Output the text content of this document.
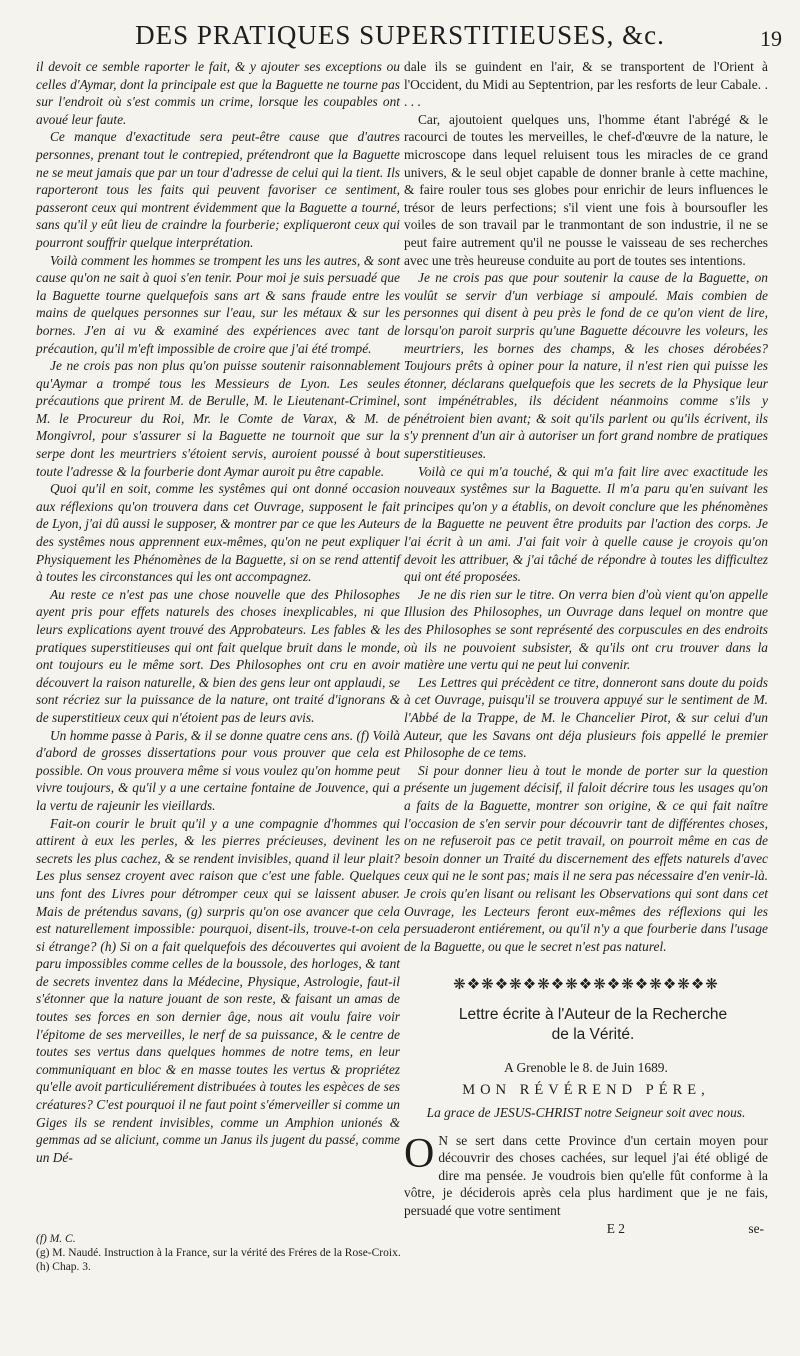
DES PRATIQUES SUPERSTITIEUSES, &c.	19

il devoit ce semble raporter le fait, & y ajouter ses exceptions ou celles d'Aymar, dont la principale est que la Baguette ne tourne pas sur l'endroit où s'est commis un crime, lorsque les coupables ont avoué leur faute.

Ce manque d'exactitude sera peut-être cause que d'autres personnes, prenant tout le contrepied, prétendront que la Baguette ne se meut jamais que par un tour d'adresse de celui qui la tient. Ils raporteront tous les faits qui peuvent favoriser ce sentiment, passeront ceux qui montrent évidemment que la Baguette a tourné, sans qu'il y eût lieu de craindre la fourberie; expliqueront ceux qui pourront souffrir quelque interprétation.

Voilà comment les hommes se trompent les uns les autres, & sont cause qu'on ne sait à quoi s'en tenir. Pour moi je suis persuadé que la Baguette tourne quelquefois sans art & sans fraude entre les mains de quelques personnes sur l'eau, sur les métaux & sur les bornes. J'en ai vu & examiné des expériences avec tant de précaution, qu'il m'eft impossible de croire que j'ai été trompé.

Je ne crois pas non plus qu'on puisse soutenir raisonnablement qu'Aymar a trompé tous les Messieurs de Lyon. Les seules précautions que prirent M. de Berulle, M. le Lieutenant-Criminel, M. le Procureur du Roi, Mr. le Comte de Varax, & M. de Mongivrol, pour s'assurer si la Baguette ne tournoit que sur la serpe dont les meurtriers s'étoient servis, auroient poussé à bout toute l'adresse & la fourberie dont Aymar auroit pu être capable.

Quoi qu'il en soit, comme les systêmes qui ont donné occasion aux réflexions qu'on trouvera dans cet Ouvrage, supposent le fait de Lyon, j'ai dû aussi le supposer, & montrer par ce que les Auteurs des systêmes nous apprennent eux-mêmes, qu'on ne peut expliquer Physiquement les Phénomènes de la Baguette, si on se rend attentif à toutes les circonstances qui les ont accompagnez.

Au reste ce n'est pas une chose nouvelle que des Philosophes ayent pris pour effets naturels des choses inexplicables, ni que leurs explications ayent trouvé des Approbateurs. Les fables & les pratiques superstitieuses qui ont fait quelque bruit dans le monde, ont toujours eu le même sort. Des Philosophes ont cru en avoir découvert la raison naturelle, & bien des gens leur ont applaudi, se sont récriez sur la puissance de la nature, ont traité d'ignorans & de superstitieux ceux qui n'étoient pas de leurs avis.

Un homme passe à Paris, & il se donne quatre cens ans. (f) Voilà d'abord de grosses dissertations pour vous prouver que cela est possible. On vous prouvera même si vous voulez qu'on homme peut vivre toujours, & qu'il y a une certaine fontaine de Jouvence, qui a la vertu de rajeunir les vieillards.

Fait-on courir le bruit qu'il y a une compagnie d'hommes qui attirent à eux les perles, & les pierres précieuses, devinent les secrets les plus cachez, & se rendent invisibles, quand il leur plait? Les plus sensez croyent avec raison que c'est une fable. Quelques uns font des Livres pour détromper ceux qui se laissent abuser. Mais de prétendus savans, (g) surpris qu'on ose avancer que cela est naturellement impossible: pourquoi, disent-ils, trouve-t-on cela si étrange? (h) Si on a fait quelquefois des découvertes qui avoient paru impossibles comme celles de la boussole, des horloges, & tant de secrets inventez dans la Médecine, Physique, Astrologie, faut-il s'étonner que la nature jouant de son reste, & faisant un amas de toutes ses forces en son dernier âge, nous ait voulu faire voir l'épitome de ses merveilles, le nerf de sa puissance, & le centre de toutes ses vertus dans quelques hommes de notre tems, en leur communiquant en bloc & en masse toutes les vertus & propriétez qu'elle avoit particuliérement distribuées à toutes les espèces de ses créatures? C'est pourquoi il ne faut point s'émerveiller si comme un Giges ils se rendent invisibles, comme un Amphion unionés & gemmas ad se aliciunt, comme un Janus ils jugent du passé, comme un Dé-

(f) M. C.
(g) M. Naudé. Instruction à la France, sur la vérité des Fréres de la Rose-Croix.
(h) Chap. 3.

dale ils se guindent en l'air, & se transportent de l'Orient à l'Occident, du Midi au Septentrion, par les resforts de leur Cabale. . . . .

Car, ajoutoient quelques uns, l'homme étant l'abrégé & le racourci de toutes les merveilles, le chef-d'œuvre de la nature, le microscope dans lequel reluisent tous les miracles de ce grand univers, & le seul objet capable de donner branle à cette machine, & faire rouler tous ses globes pour enrichir de leurs influences le trésor de leurs perfections; s'il vient une fois à boursoufler les voiles de son travail par le tranmontant de son industrie, il ne se peut faire autrement qu'il ne pousse le vaisseau de ses recherches avec une très heureuse conduite au port de toutes ses intentions.

Je ne crois pas que pour soutenir la cause de la Baguette, on voulût se servir d'un verbiage si ampoulé. Mais combien de personnes qui disent à peu près le fond de ce qu'on vient de lire, lorsqu'on paroit surpris qu'une Baguette découvre les voleurs, les meurtriers, les bornes des champs, & les choses dérobées? Toujours prêts à opiner pour la nature, il n'est rien qui puisse les étonner, déclarans quelquefois que les secrets de la Physique leur sont impénétrables, ils décident néanmoins comme s'ils y pénétroient bien avant; & soit qu'ils parlent ou qu'ils écrivent, ils s'y prennent d'un air à autoriser un fort grand nombre de pratiques superstitieuses.

Voilà ce qui m'a touché, & qui m'a fait lire avec exactitude les nouveaux systêmes sur la Baguette. Il m'a paru qu'en suivant les principes qu'on y a établis, on devoit conclure que les phénomènes de la Baguette ne peuvent être produits par l'action des corps. Je l'ai écrit à un ami. J'ai fait voir à quelle cause je croyois qu'on devoit les attribuer, & j'ai tâché de répondre à toutes les difficultez qui ont été proposées.

Je ne dis rien sur le titre. On verra bien d'où vient qu'on appelle Illusion des Philosophes, un Ouvrage dans lequel on montre que des Philosophes se sont représenté des corpuscules en des endroits où ils ne pouvoient subsister, & qu'ils ont cru trouver dans la matière une vertu qui ne peut lui convenir.

Les Lettres qui précèdent ce titre, donneront sans doute du poids à cet Ouvrage, puisqu'il se trouvera appuyé sur le sentiment de M. l'Abbé de la Trappe, de M. le Chancelier Pirot, & sur celui d'un Auteur, que les Savans ont déja plusieurs fois appellé le premier Philosophe de ce tems.

Si pour donner lieu à tout le monde de porter sur la question présente un jugement décisif, il faloit décrire tous les usages qu'on a faits de la Baguette, montrer son origine, & ce qui fait naître l'occasion de s'en servir pour découvrir tant de différentes choses, on ne refuseroit pas ce petit travail, on pourroit même en cas de besoin donner un Traité du discernement des effets naturels d'avec ceux qui ne le sont pas; mais il ne sera pas nécessaire d'en venir-là. Je crois qu'en lisant ou relisant les Observations qui sont dans cet Ouvrage, les Lecteurs feront eux-mêmes des réflexions qui les persuaderont entiérement, ou qu'il n'y a que fourberie dans l'usage de la Baguette, ou que le secret n'est pas naturel.

❋❖❋❖❋❖❋❖❋❖❋❖❋❖❋❖❋❖❋

Lettre écrite à l'Auteur de la Recherche

de la Vérité.

A Grenoble le 8. de Juin 1689.
MON RÉVÉREND PÉRE,
La grace de JESUS-CHRIST notre Seigneur soit avec nous.
O N se sert dans cette Province d'un certain moyen pour découvrir des choses cachées, sur lequel j'ai été obligé de dire ma pensée. Je voudrois bien qu'elle fût conforme à la vôtre, je déciderois après cela plus hardiment que je ne fais, persuadé que votre sentiment
E 2	se-
